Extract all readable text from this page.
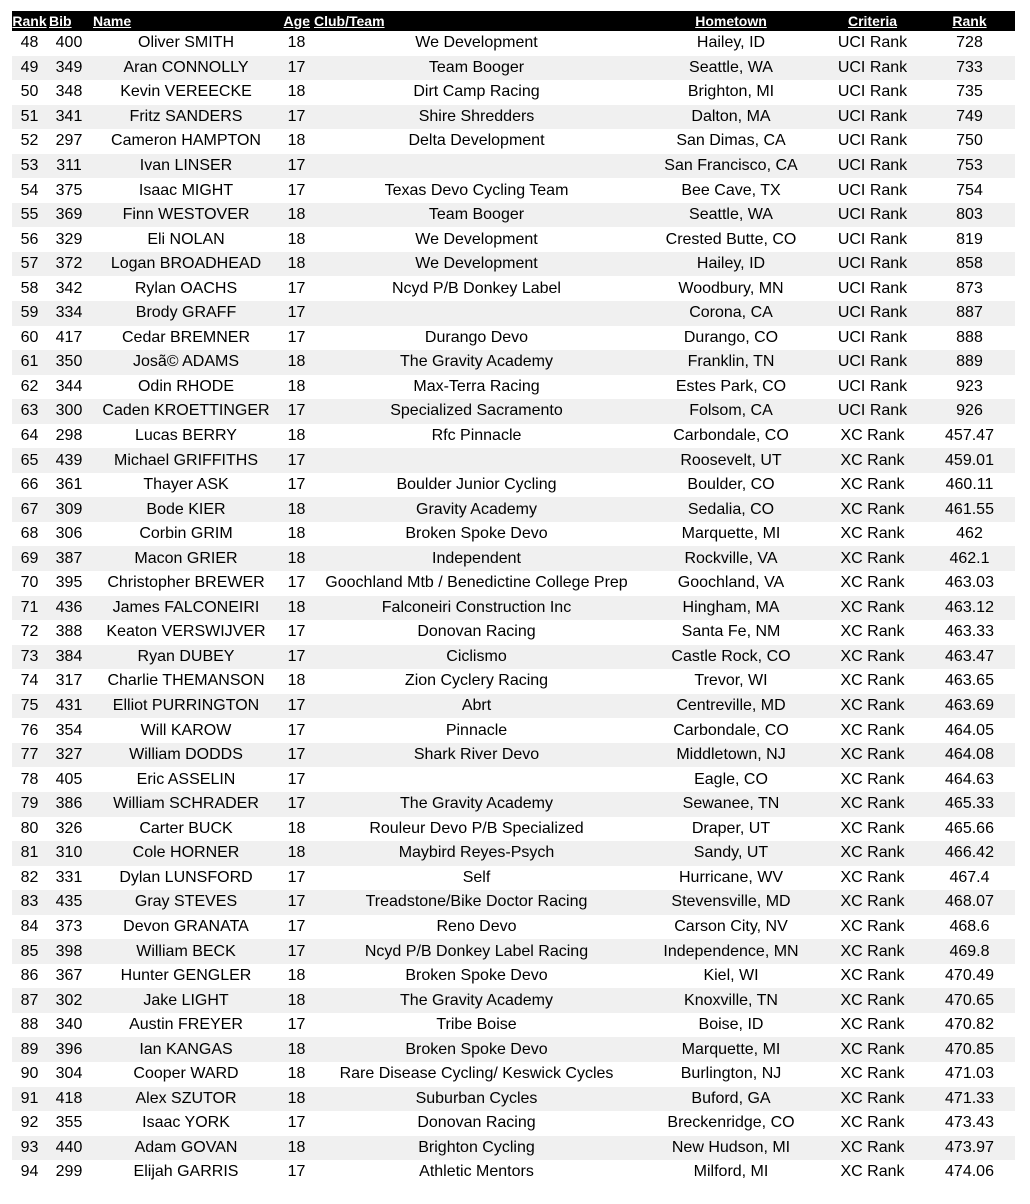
Rank	Bib	Name	Age	Club/Team	Hometown	Criteria	Rank
48	400	Oliver SMITH	18	We Development	Hailey, ID	UCI Rank	728
49	349	Aran CONNOLLY	17	Team Booger	Seattle, WA	UCI Rank	733
50	348	Kevin VEREECKE	18	Dirt Camp Racing	Brighton, MI	UCI Rank	735
51	341	Fritz SANDERS	17	Shire Shredders	Dalton, MA	UCI Rank	749
52	297	Cameron HAMPTON	18	Delta Development	San Dimas, CA	UCI Rank	750
53	311	Ivan LINSER	17		San Francisco, CA	UCI Rank	753
54	375	Isaac MIGHT	17	Texas Devo Cycling Team	Bee Cave, TX	UCI Rank	754
55	369	Finn WESTOVER	18	Team Booger	Seattle, WA	UCI Rank	803
56	329	Eli NOLAN	18	We Development	Crested Butte, CO	UCI Rank	819
57	372	Logan BROADHEAD	18	We Development	Hailey, ID	UCI Rank	858
58	342	Rylan OACHS	17	Ncyd P/B Donkey Label	Woodbury, MN	UCI Rank	873
59	334	Brody GRAFF	17		Corona, CA	UCI Rank	887
60	417	Cedar BREMNER	17	Durango Devo	Durango, CO	UCI Rank	888
61	350	Josã© ADAMS	18	The Gravity Academy	Franklin, TN	UCI Rank	889
62	344	Odin RHODE	18	Max-Terra Racing	Estes Park, CO	UCI Rank	923
63	300	Caden KROETTINGER	17	Specialized Sacramento	Folsom, CA	UCI Rank	926
64	298	Lucas BERRY	18	Rfc Pinnacle	Carbondale, CO	XC Rank	457.47
65	439	Michael GRIFFITHS	17		Roosevelt, UT	XC Rank	459.01
66	361	Thayer ASK	17	Boulder Junior Cycling	Boulder, CO	XC Rank	460.11
67	309	Bode KIER	18	Gravity Academy	Sedalia, CO	XC Rank	461.55
68	306	Corbin GRIM	18	Broken Spoke Devo	Marquette, MI	XC Rank	462
69	387	Macon GRIER	18	Independent	Rockville, VA	XC Rank	462.1
70	395	Christopher BREWER	17	Goochland Mtb / Benedictine College Prep	Goochland, VA	XC Rank	463.03
71	436	James FALCONEIRI	18	Falconeiri Construction Inc	Hingham, MA	XC Rank	463.12
72	388	Keaton VERSWIJVER	17	Donovan Racing	Santa Fe, NM	XC Rank	463.33
73	384	Ryan DUBEY	17	Ciclismo	Castle Rock, CO	XC Rank	463.47
74	317	Charlie THEMANSON	18	Zion Cyclery Racing	Trevor, WI	XC Rank	463.65
75	431	Elliot PURRINGTON	17	Abrt	Centreville, MD	XC Rank	463.69
76	354	Will KAROW	17	Pinnacle	Carbondale, CO	XC Rank	464.05
77	327	William DODDS	17	Shark River Devo	Middletown, NJ	XC Rank	464.08
78	405	Eric ASSELIN	17		Eagle, CO	XC Rank	464.63
79	386	William SCHRADER	17	The Gravity Academy	Sewanee, TN	XC Rank	465.33
80	326	Carter BUCK	18	Rouleur Devo P/B Specialized	Draper, UT	XC Rank	465.66
81	310	Cole HORNER	18	Maybird Reyes-Psych	Sandy, UT	XC Rank	466.42
82	331	Dylan LUNSFORD	17	Self	Hurricane, WV	XC Rank	467.4
83	435	Gray STEVES	17	Treadstone/Bike Doctor Racing	Stevensville, MD	XC Rank	468.07
84	373	Devon GRANATA	17	Reno Devo	Carson City, NV	XC Rank	468.6
85	398	William BECK	17	Ncyd P/B Donkey Label Racing	Independence, MN	XC Rank	469.8
86	367	Hunter GENGLER	18	Broken Spoke Devo	Kiel, WI	XC Rank	470.49
87	302	Jake LIGHT	18	The Gravity Academy	Knoxville, TN	XC Rank	470.65
88	340	Austin FREYER	17	Tribe Boise	Boise, ID	XC Rank	470.82
89	396	Ian KANGAS	18	Broken Spoke Devo	Marquette, MI	XC Rank	470.85
90	304	Cooper WARD	18	Rare Disease Cycling/ Keswick Cycles	Burlington, NJ	XC Rank	471.03
91	418	Alex SZUTOR	18	Suburban Cycles	Buford, GA	XC Rank	471.33
92	355	Isaac YORK	17	Donovan Racing	Breckenridge, CO	XC Rank	473.43
93	440	Adam GOVAN	18	Brighton Cycling	New Hudson, MI	XC Rank	473.97
94	299	Elijah GARRIS	17	Athletic Mentors	Milford, MI	XC Rank	474.06
